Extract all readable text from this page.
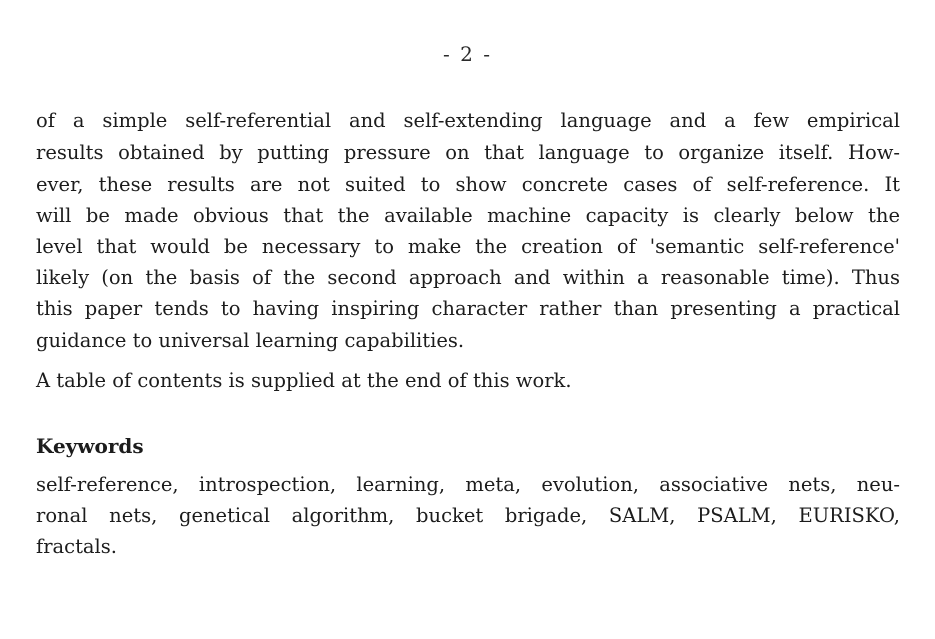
- 2 -
of a simple self-referential and self-extending language and a few empirical
results obtained by putting pressure on that language to organize itself. How-
ever, these results are not suited to show concrete cases of self-reference. It
will be made obvious that the available machine capacity is clearly below the
level that would be necessary to make the creation of 'semantic self-reference'
likely (on the basis of the second approach and within a reasonable time). Thus
this paper tends to having inspiring character rather than presenting a practical
guidance to universal learning capabilities.
A table of contents is supplied at the end of this work.
Keywords
self-reference, introspection, learning, meta, evolution, associative nets, neu-
ronal nets, genetical algorithm, bucket brigade, SALM, PSALM, EURISKO,
fractals.
